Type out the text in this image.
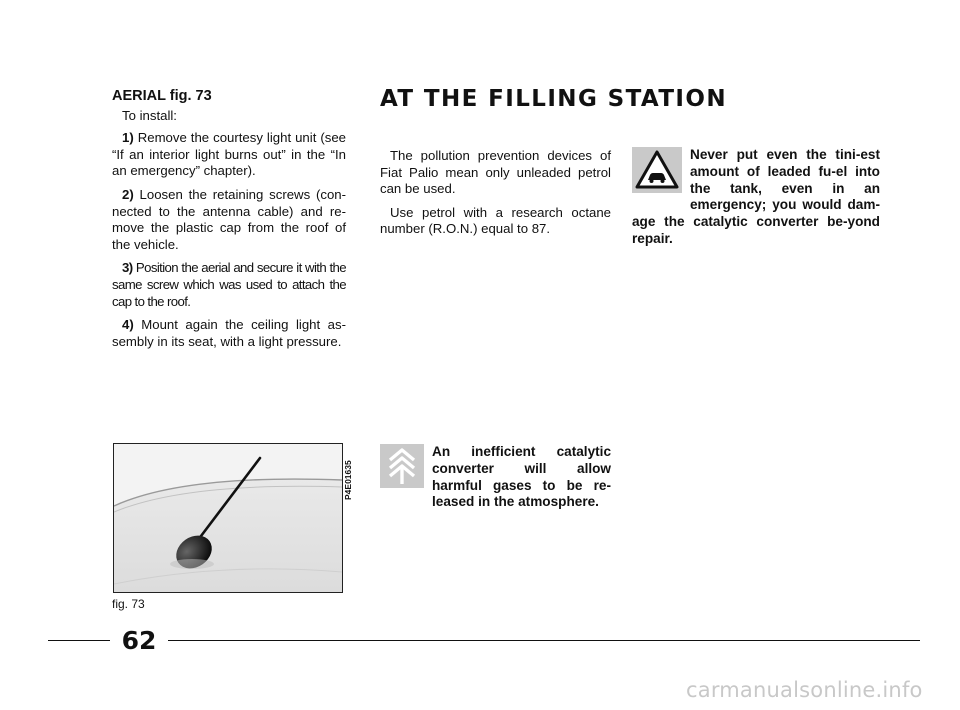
AERIAL fig. 73
To install:
1) Remove the courtesy light unit (see “If an interior light burns out” in the “In an emergency” chapter).
2) Loosen the retaining screws (con-nected to the antenna cable) and re-move the plastic cap from the roof of the vehicle.
3) Position the aerial and secure it with the same screw which was used to attach the cap to the roof.
4) Mount again the ceiling light as-sembly in its seat, with a light pressure.
P4E01635
fig. 73
AT THE FILLING STATION
The pollution prevention devices of Fiat Palio mean only unleaded petrol can be used.
Use petrol with a research octane number (R.O.N.) equal to 87.
Never put even the tini-est amount of leaded fu-el into the tank, even in an emergency; you would dam-age the catalytic converter be-yond repair.
An inefficient catalytic converter will allow harmful gases to be re-leased in the atmosphere.
62
carmanualsonline.info
